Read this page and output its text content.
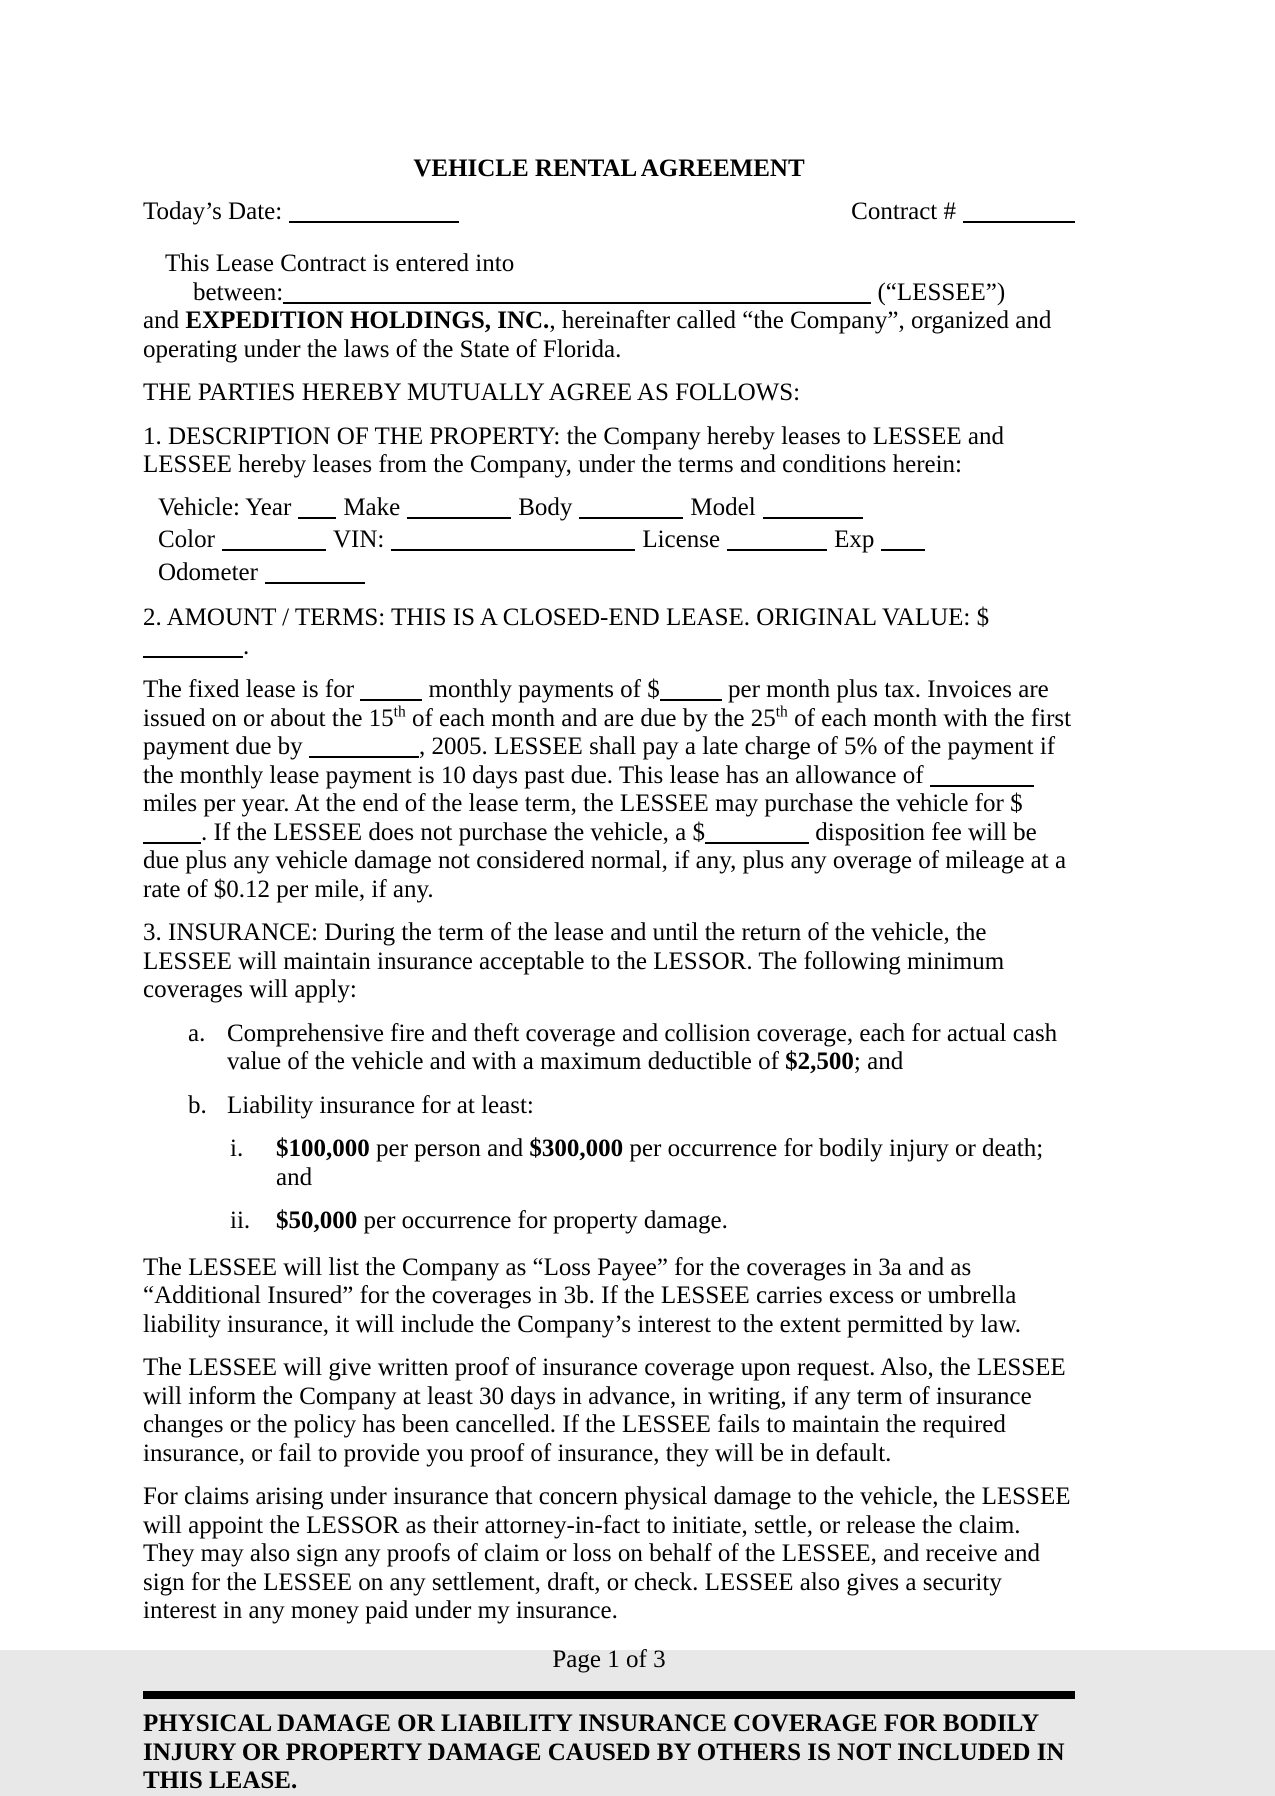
VEHICLE RENTAL AGREEMENT

Today’s Date:	Contract #

This Lease Contract is entered into

between:	(“LESSEE”)

and EXPEDITION HOLDINGS, INC., hereinafter called “the Company”, organized and operating under the laws of the State of Florida.

THE PARTIES HEREBY MUTUALLY AGREE AS FOLLOWS:

1. DESCRIPTION OF THE PROPERTY: the Company hereby leases to LESSEE and LESSEE hereby leases from the Company, under the terms and conditions herein:

Vehicle: Year Make	Body	Model

Color	VIN:	License	Exp

Odometer

2. AMOUNT / TERMS: THIS IS A CLOSED-END LEASE. ORIGINAL VALUE: $.

The fixed lease is for  monthly payments of $ per month plus tax. Invoices are issued on or about the 15th of each month and are due by the 25th of each month with the first payment due by	, 2005. LESSEE shall pay a late charge of 5% of the payment if the monthly lease payment is 10 days past due. This lease has an allowance of  miles per year. At the end of the lease term, the LESSEE may purchase the vehicle for $. If the LESSEE does not purchase the vehicle, a $	disposition fee will be due plus any vehicle damage not considered normal, if any, plus any overage of mileage at a rate of $0.12 per mile, if any.

3. INSURANCE: During the term of the lease and until the return of the vehicle, the LESSEE will maintain insurance acceptable to the LESSOR. The following minimum coverages will apply:

a. Comprehensive fire and theft coverage and collision coverage, each for actual cash value of the vehicle and with a maximum deductible of $2,500; and
b. Liability insurance for at least:
i. $100,000 per person and $300,000 per occurrence for bodily injury or death; and
ii. $50,000 per occurrence for property damage.

The LESSEE will list the Company as “Loss Payee” for the coverages in 3a and as “Additional Insured” for the coverages in 3b. If the LESSEE carries excess or umbrella liability insurance, it will include the Company’s interest to the extent permitted by law.

The LESSEE will give written proof of insurance coverage upon request. Also, the LESSEE will inform the Company at least 30 days in advance, in writing, if any term of insurance changes or the policy has been cancelled. If the LESSEE fails to maintain the required insurance, or fail to provide you proof of insurance, they will be in default.

For claims arising under insurance that concern physical damage to the vehicle, the LESSEE will appoint the LESSOR as their attorney-in-fact to initiate, settle, or release the claim. They may also sign any proofs of claim or loss on behalf of the LESSEE, and receive and sign for the LESSEE on any settlement, draft, or check. LESSEE also gives a security interest in any money paid under my insurance.

Page 1 of 3

PHYSICAL DAMAGE OR LIABILITY INSURANCE COVERAGE FOR BODILY INJURY OR PROPERTY DAMAGE CAUSED BY OTHERS IS NOT INCLUDED IN THIS LEASE.
